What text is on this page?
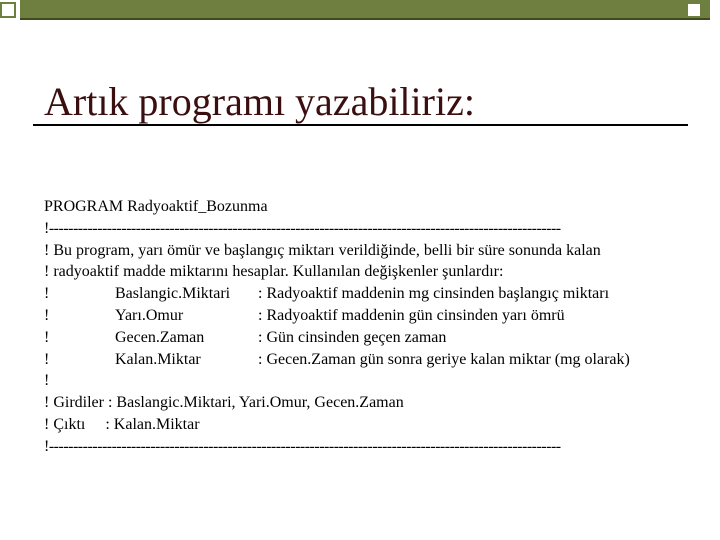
Artık programı yazabiliriz:
PROGRAM Radyoaktif_Bozunma
!----------------------------------------------------------------------------------------------------------
! Bu program, yarı ömür ve başlangıç miktarı verildiğinde, belli bir süre sonunda kalan
! radyoaktif madde miktarını hesaplar. Kullanılan değişkenler şunlardır:
!	Baslangic.Miktari : Radyoaktif maddenin mg cinsinden başlangıç miktarı
!	Yarı.Omur	: Radyoaktif maddenin gün cinsinden yarı ömrü
!	Gecen.Zaman	: Gün cinsinden geçen zaman
!	Kalan.Miktar	: Gecen.Zaman gün sonra geriye kalan miktar (mg olarak)
!
! Girdiler : Baslangic.Miktari, Yari.Omur, Gecen.Zaman
! Çıktı     : Kalan.Miktar
!----------------------------------------------------------------------------------------------------------
